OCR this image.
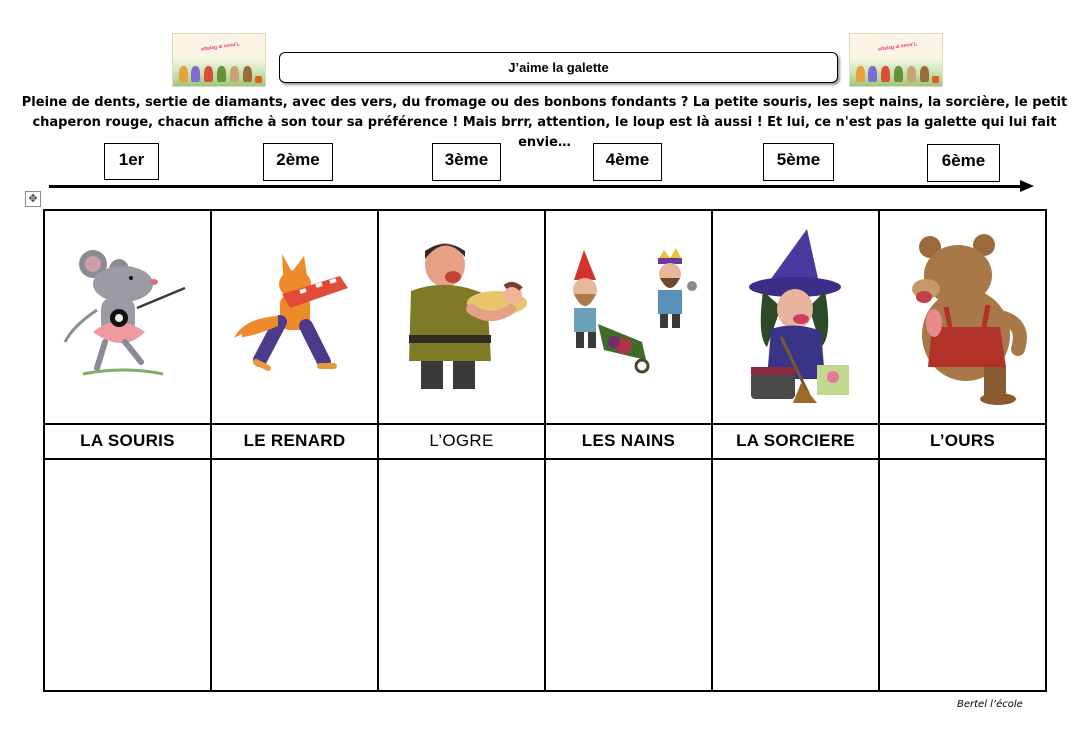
· · · · · · ·
ettelag al emia’L
· · · · · · ·
ettelag al emia’L
J’aime la galette
Pleine de dents, sertie de diamants, avec des vers, du fromage ou des bonbons fondants ? La petite souris, les sept nains, la sorcière, le petit
chaperon rouge, chacun affiche à son tour sa préférence ! Mais brrr, attention, le loup est là aussi ! Et lui, ce n'est pas la galette qui lui fait envie…
1er	2ème	3ème	4ème	5ème	6ème
✥

LA SOURIS	LE RENARD	L’OGRE	LES NAINS	LA SORCIERE	L’OURS

Bertel l’école
